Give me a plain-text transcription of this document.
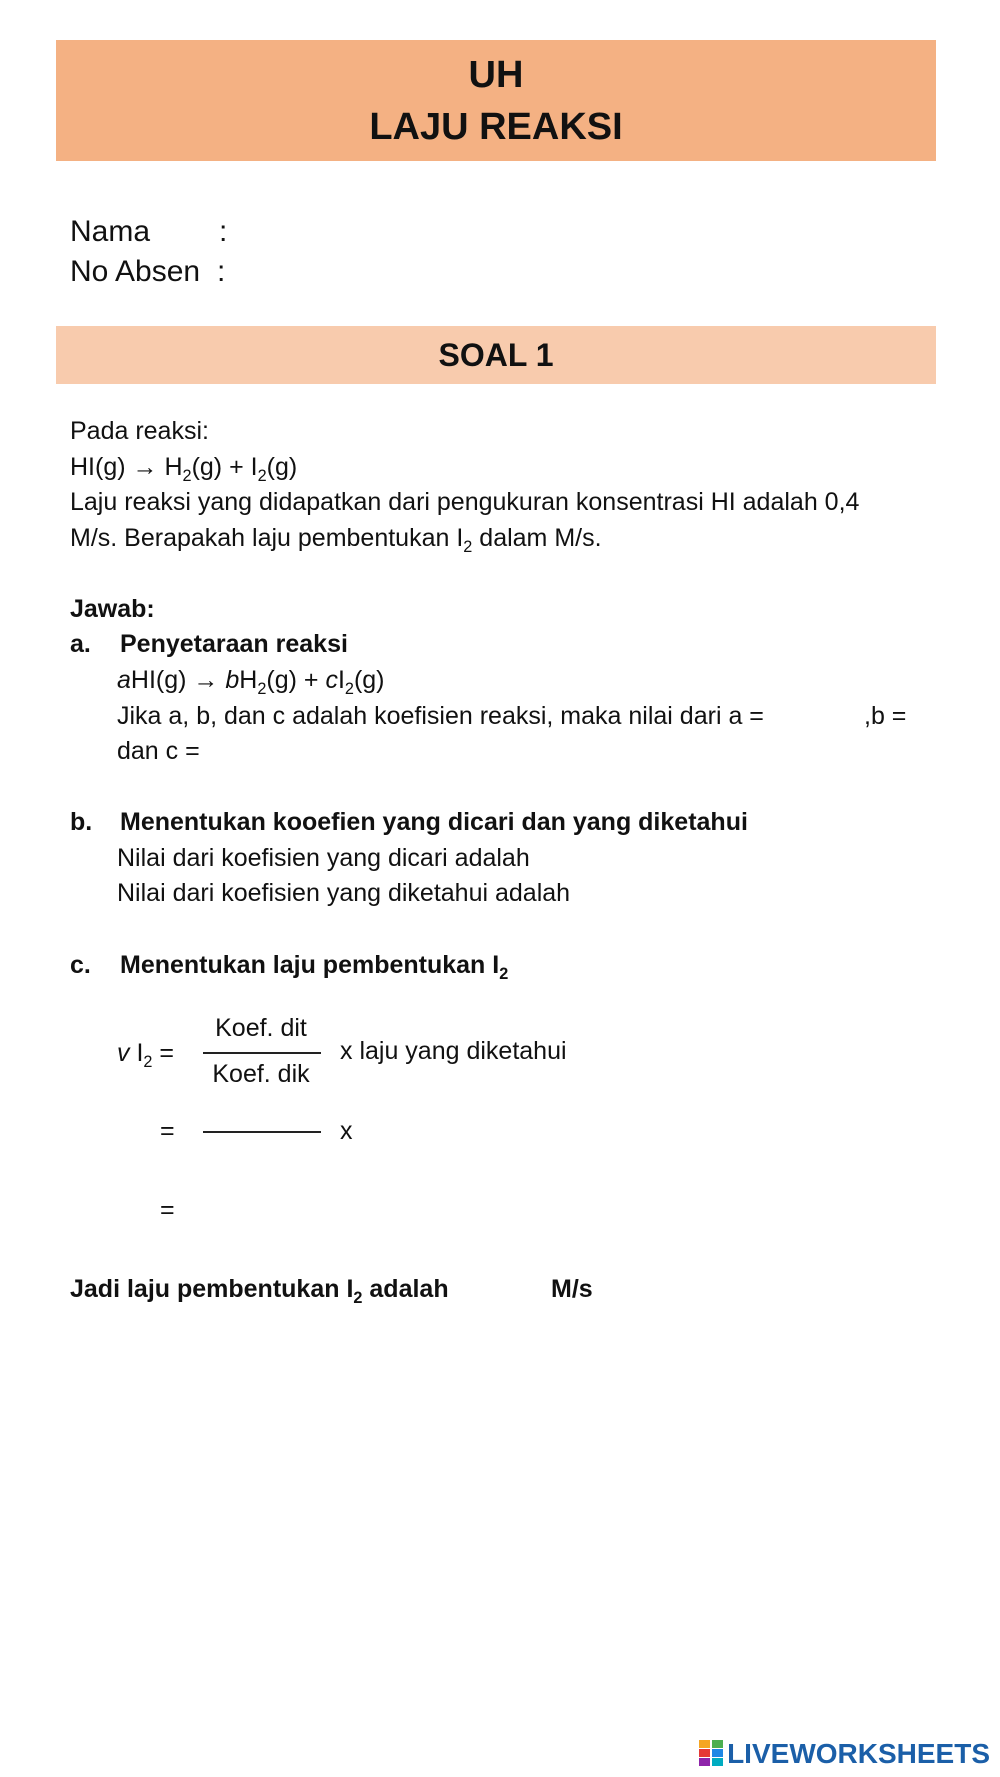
UH
LAJU REAKSI
Nama :
No Absen :
SOAL 1
Pada reaksi:
$HI(g) \to H_2(g) + I_2(g)$
Laju reaksi yang didapatkan dari pengukuran konsentrasi HI adalah 0,4
M/s. Berapakah laju pembentukan $I_2$ dalam M/s.
Jawab:
a. Penyetaraan reaksi
$aHI(g) \to bH_2(g) + cI_2(g)$
Jika a, b, dan c adalah koefisien reaksi, maka nilai dari a =	,b =
dan c =
b. Menentukan kooefien yang dicari dan yang diketahui
Nilai dari koefisien yang dicari adalah
Nilai dari koefisien yang diketahui adalah
c. Menentukan laju pembentukan $I_2$
v $I_2$ =
Koef. dit
Koef. dik
x laju yang diketahui
=	x
=
Jadi laju pembentukan $I_2$ adalah	M/s
LIVEWORKSHEETS
